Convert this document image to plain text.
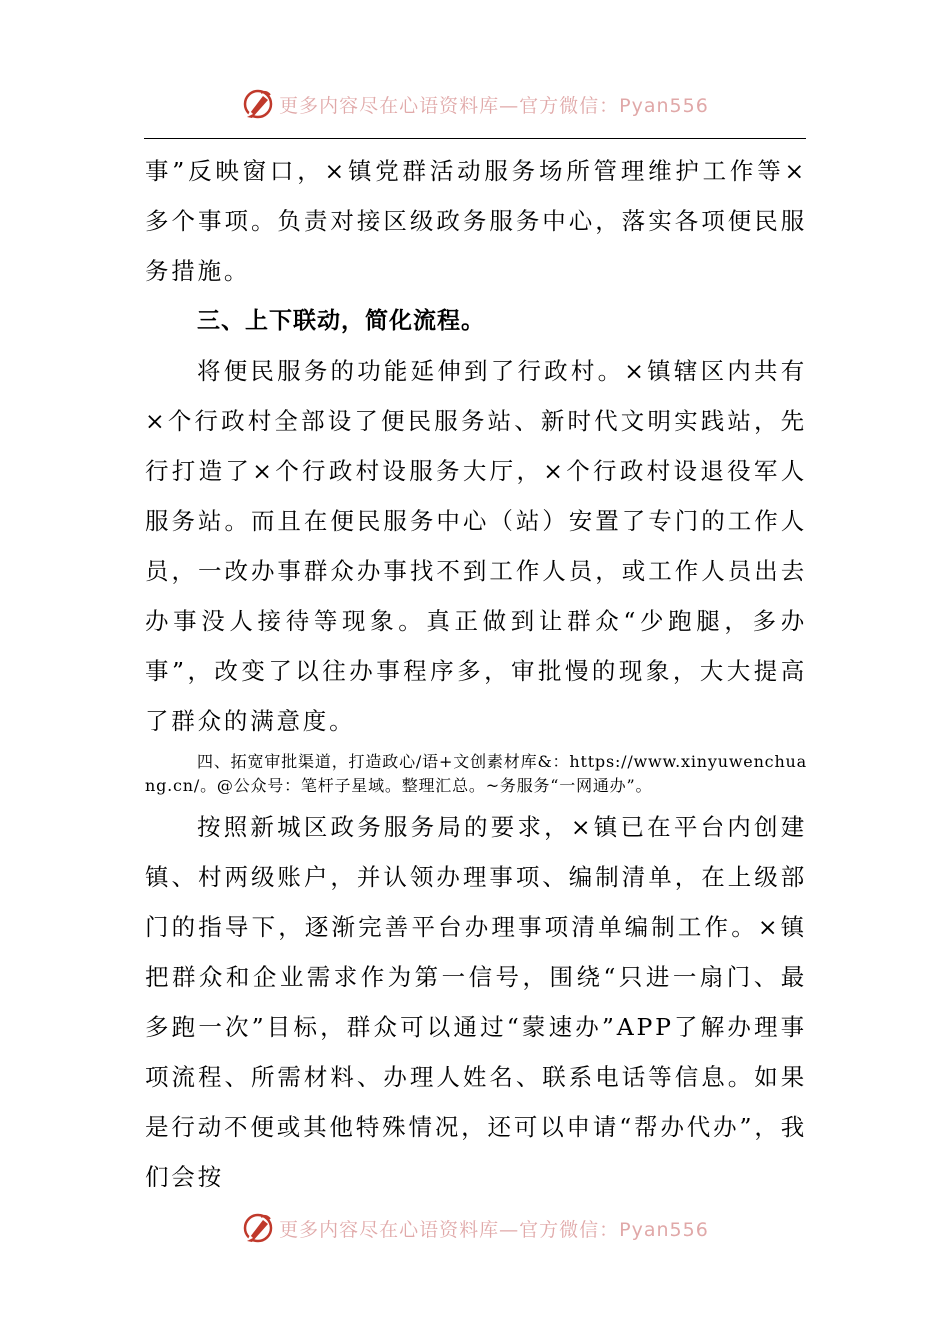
更多内容尽在心语资料库—官方微信：Pyan556

事”反映窗口，×镇党群活动服务场所管理维护工作等×多个事项。负责对接区级政务服务中心，落实各项便民服务措施。

三、上下联动，简化流程。

将便民服务的功能延伸到了行政村。×镇辖区内共有×个行政村全部设了便民服务站、新时代文明实践站，先行打造了×个行政村设服务大厅，×个行政村设退役军人服务站。而且在便民服务中心（站）安置了专门的工作人员，一改办事群众办事找不到工作人员，或工作人员出去办事没人接待等现象。真正做到让群众“少跑腿，多办事”，改变了以往办事程序多，审批慢的现象，大大提高了群众的满意度。

四、拓宽审批渠道，打造政心/语+文创素材库&：https://www.xinyuwenchuang.cn/。@公众号：笔杆子星域。整理汇总。~务服务“一网通办”。

按照新城区政务服务局的要求，×镇已在平台内创建镇、村两级账户，并认领办理事项、编制清单，在上级部门的指导下，逐渐完善平台办理事项清单编制工作。×镇把群众和企业需求作为第一信号，围绕“只进一扇门、最多跑一次”目标，群众可以通过“蒙速办”APP了解办理事项流程、所需材料、办理人姓名、联系电话等信息。如果是行动不便或其他特殊情况，还可以申请“帮办代办”，我们会按

更多内容尽在心语资料库—官方微信：Pyan556
